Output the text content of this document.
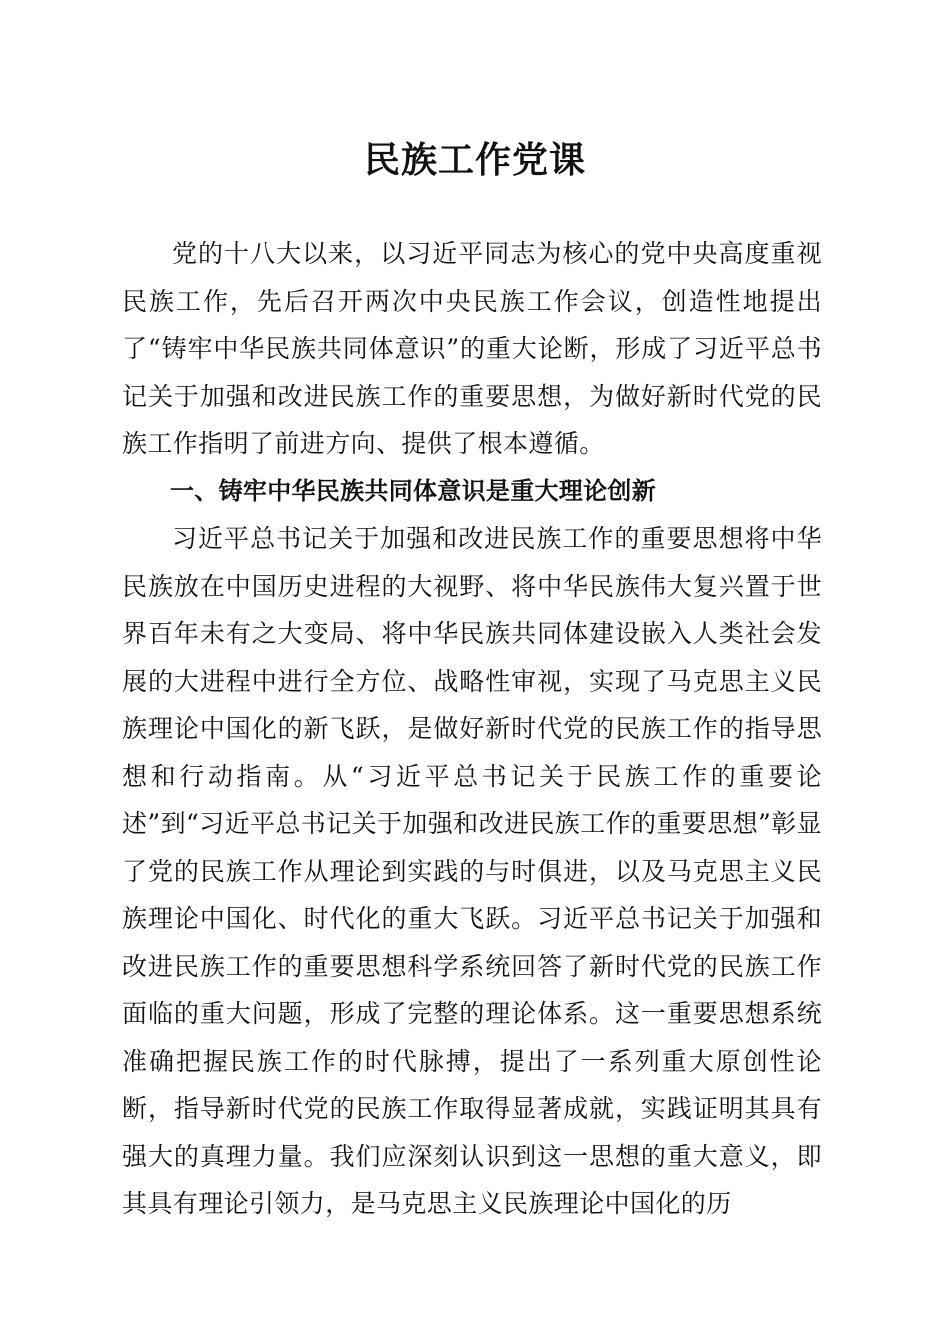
民族工作党课

党的十八大以来，以习近平同志为核心的党中央高度重视民族工作，先后召开两次中央民族工作会议，创造性地提出了“铸牢中华民族共同体意识”的重大论断，形成了习近平总书记关于加强和改进民族工作的重要思想，为做好新时代党的民族工作指明了前进方向、提供了根本遵循。

一、铸牢中华民族共同体意识是重大理论创新

习近平总书记关于加强和改进民族工作的重要思想将中华民族放在中国历史进程的大视野、将中华民族伟大复兴置于世界百年未有之大变局、将中华民族共同体建设嵌入人类社会发展的大进程中进行全方位、战略性审视，实现了马克思主义民族理论中国化的新飞跃，是做好新时代党的民族工作的指导思想和行动指南。从“习近平总书记关于民族工作的重要论述”到“习近平总书记关于加强和改进民族工作的重要思想”彰显了党的民族工作从理论到实践的与时俱进，以及马克思主义民族理论中国化、时代化的重大飞跃。习近平总书记关于加强和改进民族工作的重要思想科学系统回答了新时代党的民族工作面临的重大问题，形成了完整的理论体系。这一重要思想系统准确把握民族工作的时代脉搏，提出了一系列重大原创性论断，指导新时代党的民族工作取得显著成就，实践证明其具有强大的真理力量。我们应深刻认识到这一思想的重大意义，即其具有理论引领力，是马克思主义民族理论中国化的历
